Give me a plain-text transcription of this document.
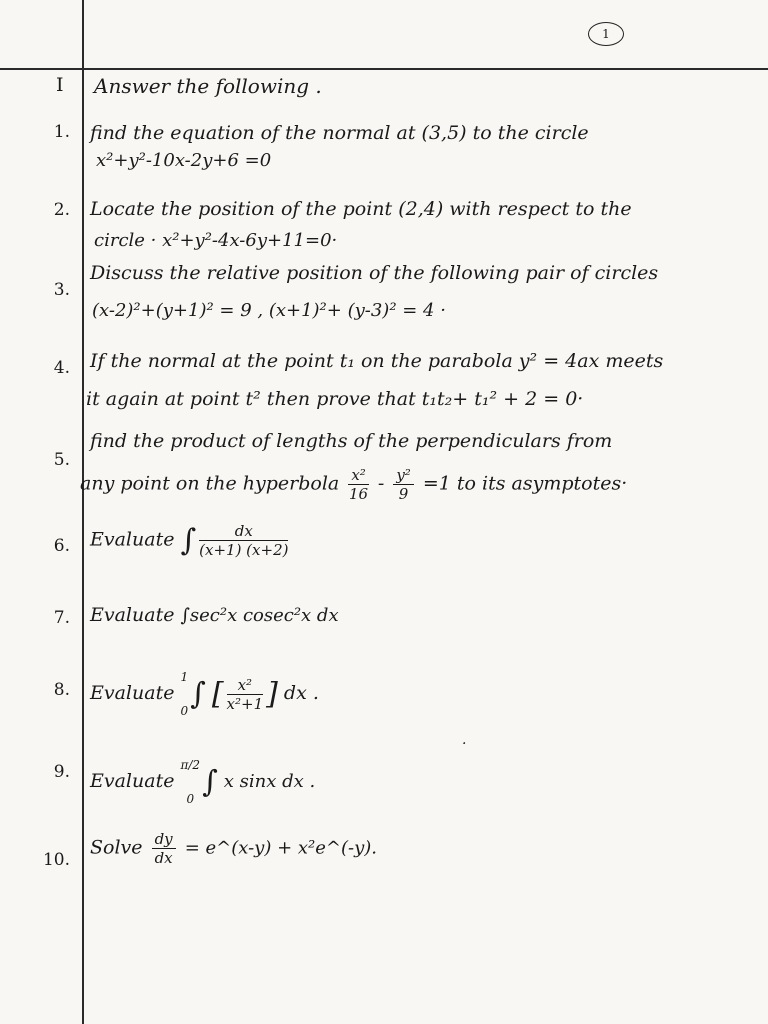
1
I Answer the following .
1. find the equation of the normal at (3,5) to the circle
x²+y²-10x-2y+6 =0
2. Locate the position of the point (2,4) with respect to the
circle · x²+y²-4x-6y+11=0·
3.
Discuss the relative position of the following pair of circles
(x-2)²+(y+1)² = 9 , (x+1)²+ (y-3)² = 4 ·
4. If the normal at the point t₁ on the parabola y² = 4ax meets
it again at point t² then prove that t₁t₂+ t₁² + 2 = 0·
5.
find the product of lengths of the perpendiculars from
any point on the hyperbola $\frac{\text{x²}}{16} - \frac{\text{y²}}{9} =1$ to its asymptotes·
6. Evaluate ∫ $\frac{dx}{(x+1) (x+2)}$
7. Evaluate ∫sec²x cosec²x dx
8. Evaluate
1
0 ∫ [ $\frac{\text{x²}}{\text{x²+1}}$ ] dx .
9. Evaluate
π/2
0 ∫ x sinx dx .
10.
Solve $\frac{dy}{dx}$ = e^(x-y) + x²e^(-y).
·
